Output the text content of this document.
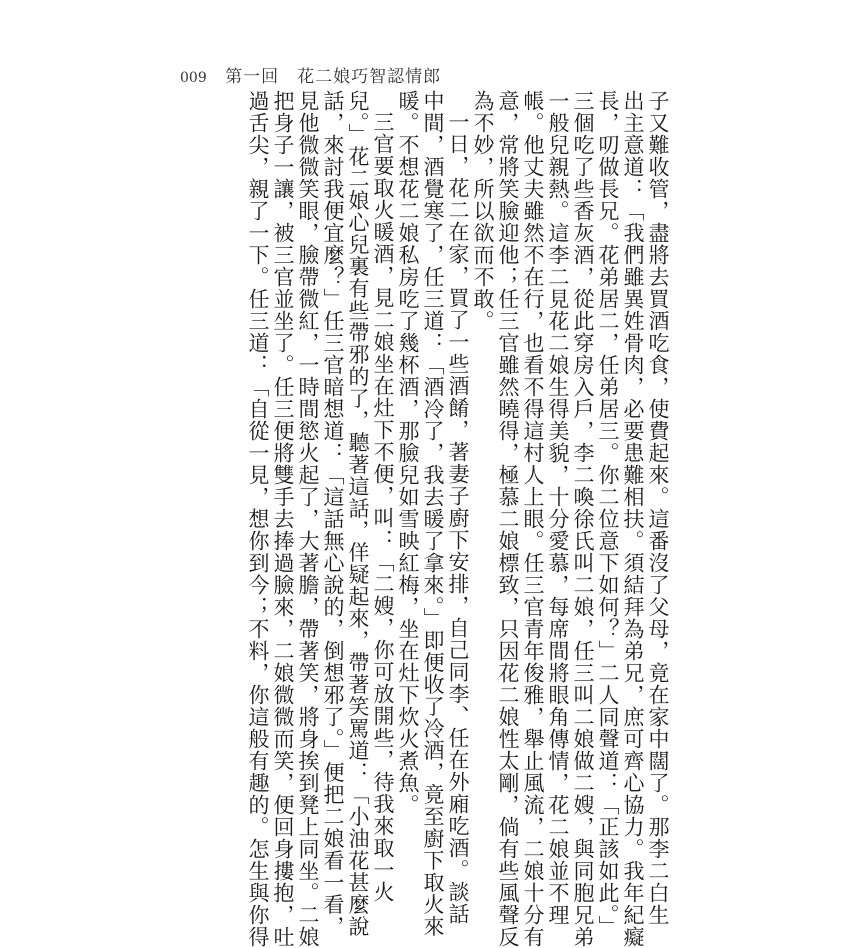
009 第一回　花二娘巧智認情郎
子又難收管，盡將去買酒吃食，使費起來。這番沒了父母，竟在家中闊了。那李二白生
出主意道：「我們雖異姓骨肉，必要患難相扶。須結拜為弟兄，庶可齊心協力。我年紀癡
長，叨做長兄。花弟居二，任弟居三。你二位意下如何？」二人同聲道：「正該如此。」
三個吃了些香灰酒，從此穿房入戶，李二喚徐氏叫二娘，任三叫二娘做二嫂，與同胞兄弟
一般兒親熱。這李二見花二娘生得美貌，十分愛慕，每席間將眼角傳情，花二娘並不理
帳。他丈夫雖然不在行，也看不得這村人上眼。任三官青年俊雅，舉止風流，二娘十分有
意，常將笑臉迎他；任三官雖然曉得，極慕二娘標致，只因花二娘性太剛，倘有些風聲反
為不妙，所以欲而不敢。
一日，花二在家，買了一些酒餚，著妻子廚下安排，自己同李、任在外廂吃酒。談話
中間，酒覺寒了，任三道：「酒冷了，我去暖了拿來。」即便收了冷酒，竟至廚下取火來
暖。不想花二娘私房吃了幾杯酒，那臉兒如雪映紅梅，坐在灶下炊火煮魚。
三官要取火暖酒，見二娘坐在灶下不便，叫：「二嫂，你可放開些，待我來取一火
兒。」花二娘心兒裏有些帶邪的了，聽著這話，佯疑起來，帶著笑罵道：「小油花甚麼說
話，來討我便宜麼？」任三官暗想道：「這話無心說的，倒想邪了。」便把二娘看一看，
見他微微笑眼，臉帶微紅，一時間慾火起了，大著膽，帶著笑，將身挨到凳上同坐。二娘
把身子一讓，被三官並坐了。任三便將雙手去捧過臉來，二娘微微而笑，便回身摟抱，吐
過舌尖，親了一下。任三道：「自從一見，想你到今；不料，你這般有趣的。怎生與你得
